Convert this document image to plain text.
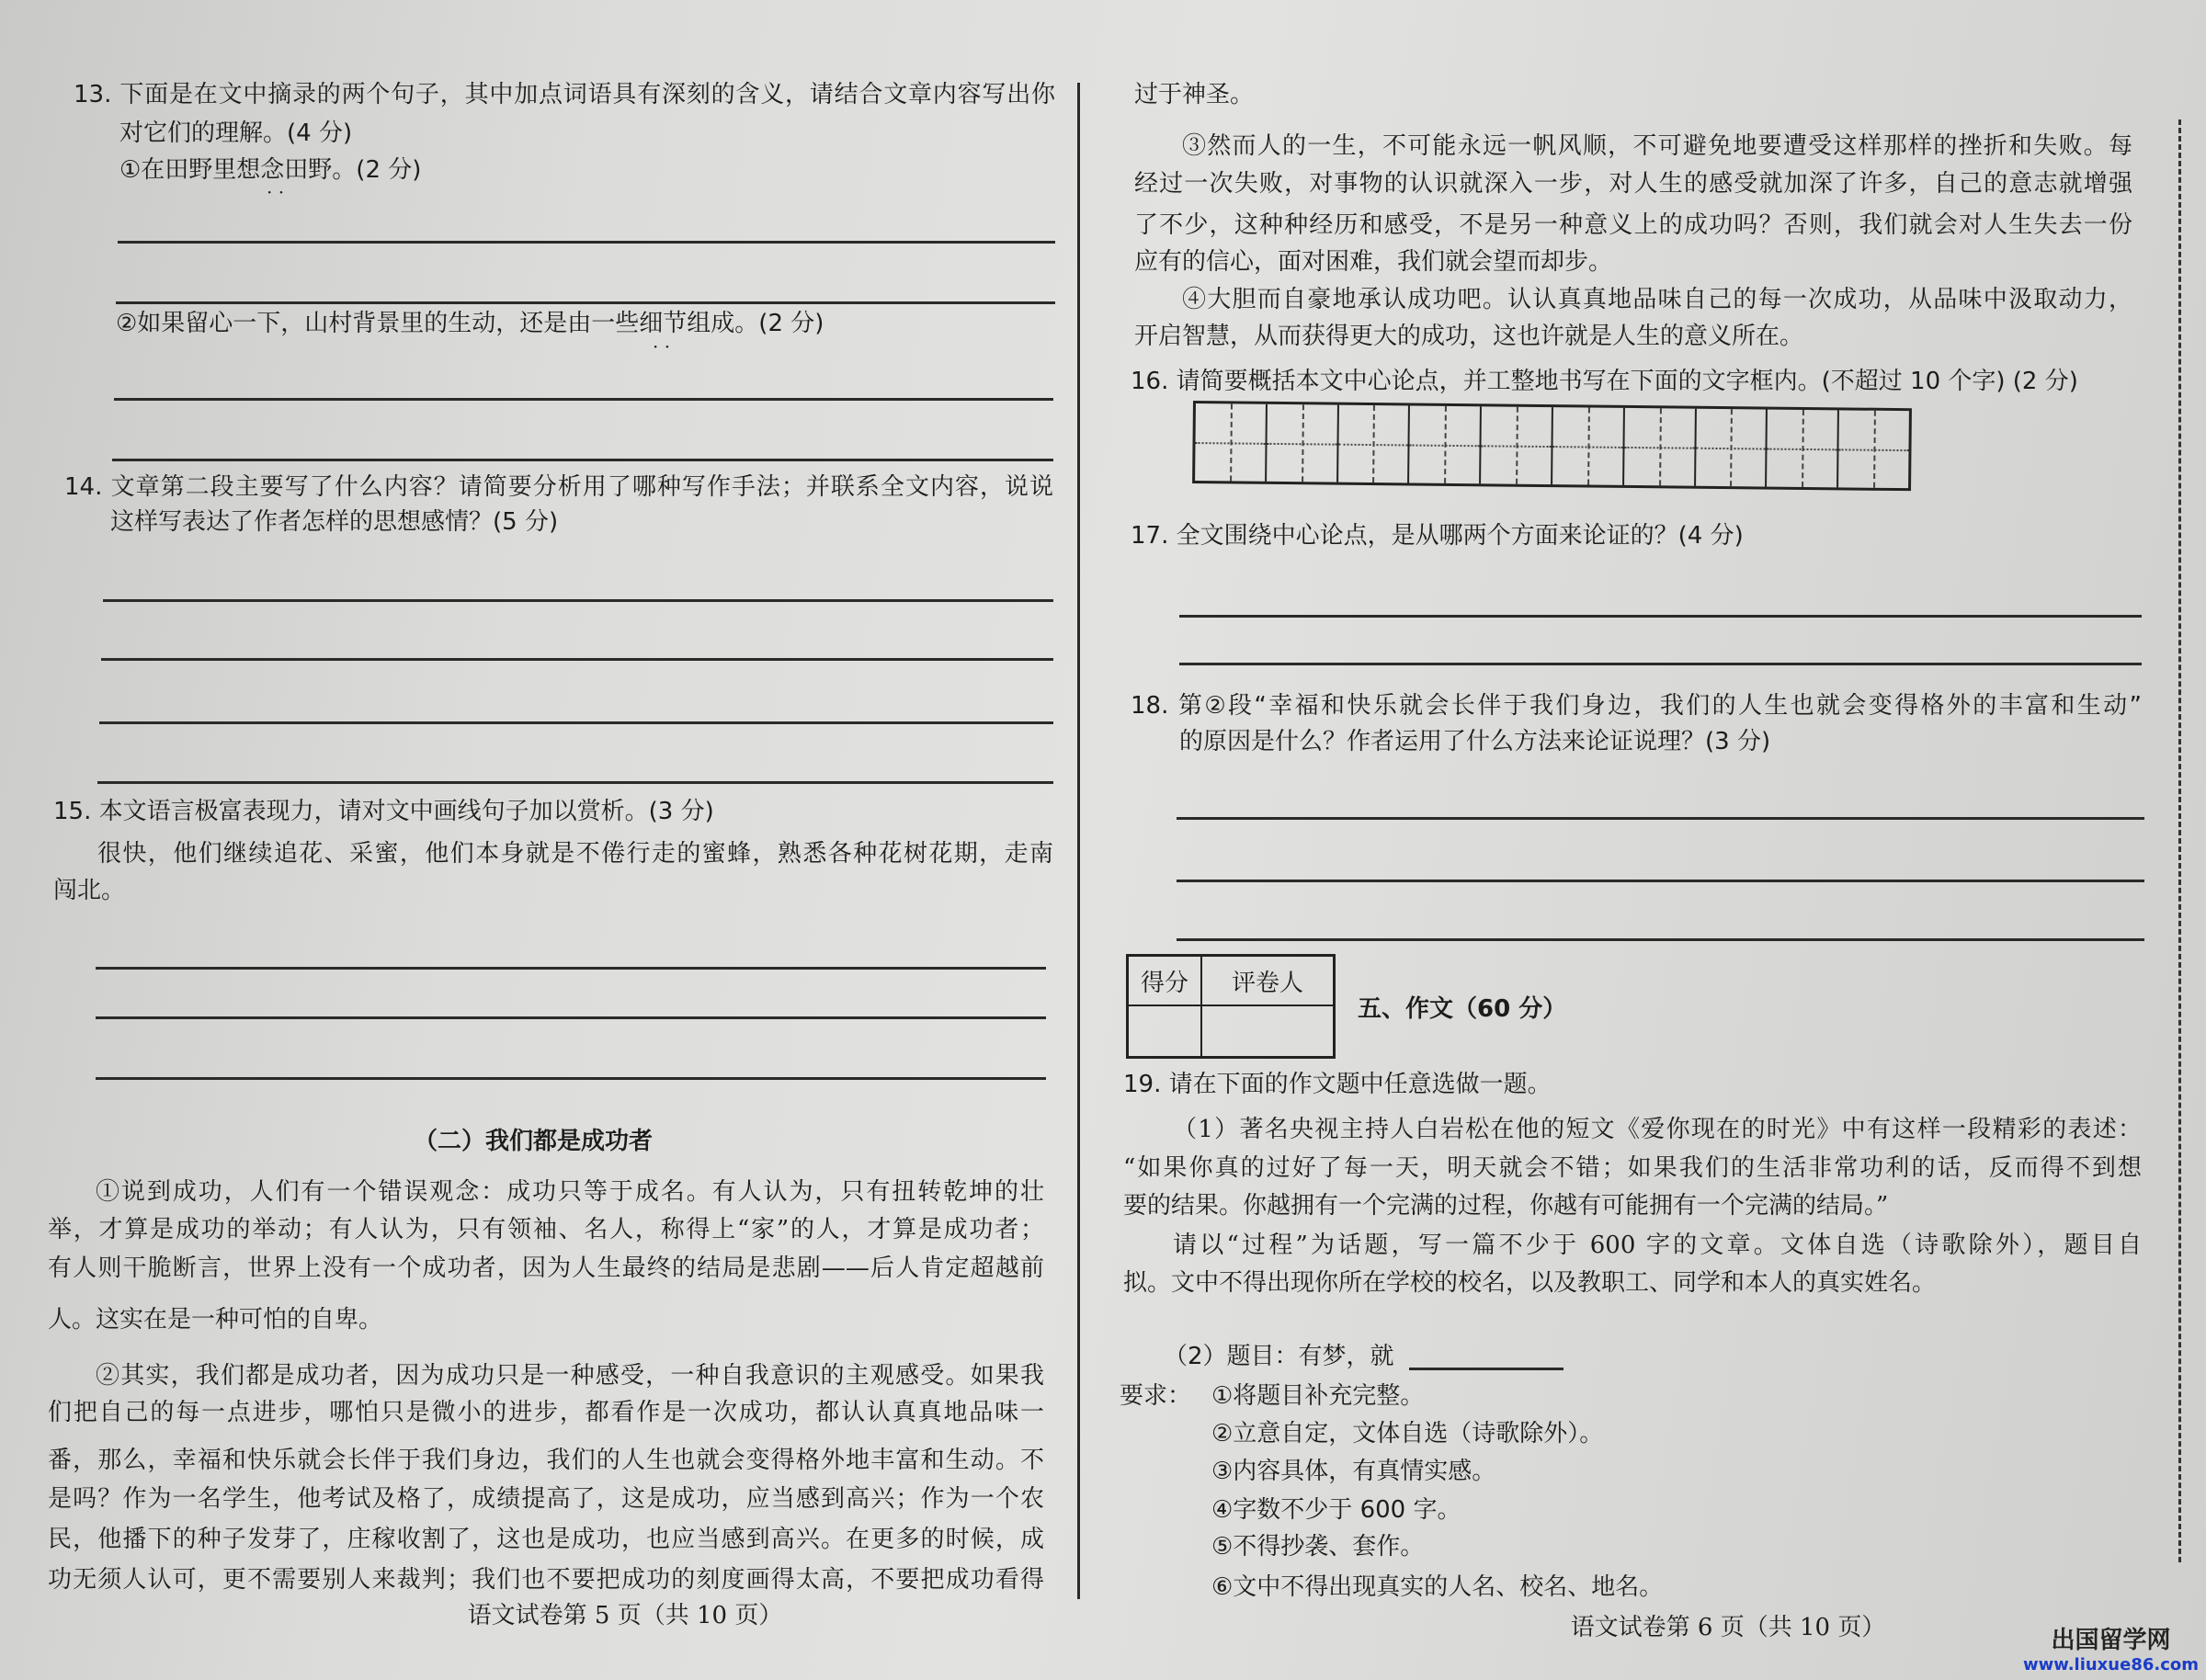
13. 下面是在文中摘录的两个句子，其中加点词语具有深刻的含义，请结合文章内容写出你
对它们的理解。(4 分)
①在田野里想念田野。(2 分)
· ·
②如果留心一下，山村背景里的生动，还是由一些细节组成。(2 分)
· ·
14. 文章第二段主要写了什么内容？请简要分析用了哪种写作手法；并联系全文内容，说说
这样写表达了作者怎样的思想感情？(5 分)
15. 本文语言极富表现力，请对文中画线句子加以赏析。(3 分)
很快，他们继续追花、采蜜，他们本身就是不倦行走的蜜蜂，熟悉各种花树花期，走南
闯北。
（二）我们都是成功者
①说到成功，人们有一个错误观念：成功只等于成名。有人认为，只有扭转乾坤的壮
举，才算是成功的举动；有人认为，只有领袖、名人，称得上“家”的人，才算是成功者；
有人则干脆断言，世界上没有一个成功者，因为人生最终的结局是悲剧——后人肯定超越前
人。这实在是一种可怕的自卑。
②其实，我们都是成功者，因为成功只是一种感受，一种自我意识的主观感受。如果我
们把自己的每一点进步，哪怕只是微小的进步，都看作是一次成功，都认认真真地品味一
番，那么，幸福和快乐就会长伴于我们身边，我们的人生也就会变得格外地丰富和生动。不
是吗？作为一名学生，他考试及格了，成绩提高了，这是成功，应当感到高兴；作为一个农
民，他播下的种子发芽了，庄稼收割了，这也是成功，也应当感到高兴。在更多的时候，成
功无须人认可，更不需要别人来裁判；我们也不要把成功的刻度画得太高，不要把成功看得
语文试卷第 5 页（共 10 页）
过于神圣。
③然而人的一生，不可能永远一帆风顺，不可避免地要遭受这样那样的挫折和失败。每
经过一次失败，对事物的认识就深入一步，对人生的感受就加深了许多，自己的意志就增强
了不少，这种种经历和感受，不是另一种意义上的成功吗？否则，我们就会对人生失去一份
应有的信心，面对困难，我们就会望而却步。
④大胆而自豪地承认成功吧。认认真真地品味自己的每一次成功，从品味中汲取动力，
开启智慧，从而获得更大的成功，这也许就是人生的意义所在。
16. 请简要概括本文中心论点，并工整地书写在下面的文字框内。(不超过 10 个字) (2 分)
17. 全文围绕中心论点，是从哪两个方面来论证的？(4 分)
18. 第②段“幸福和快乐就会长伴于我们身边，我们的人生也就会变得格外的丰富和生动”
的原因是什么？作者运用了什么方法来论证说理？(3 分)
得分	评卷人
五、作文（60 分）
19. 请在下面的作文题中任意选做一题。
（1）著名央视主持人白岩松在他的短文《爱你现在的时光》中有这样一段精彩的表述：
“如果你真的过好了每一天，明天就会不错；如果我们的生活非常功利的话，反而得不到想
要的结果。你越拥有一个完满的过程，你越有可能拥有一个完满的结局。”
请以“过程”为话题，写一篇不少于 600 字的文章。文体自选（诗歌除外），题目自
拟。文中不得出现你所在学校的校名，以及教职工、同学和本人的真实姓名。
（2）题目：有梦，就
要求： ①将题目补充完整。
②立意自定，文体自选（诗歌除外）。
③内容具体，有真情实感。
④字数不少于 600 字。
⑤不得抄袭、套作。
⑥文中不得出现真实的人名、校名、地名。
语文试卷第 6 页（共 10 页）	出国留学网
www.liuxue86.com
